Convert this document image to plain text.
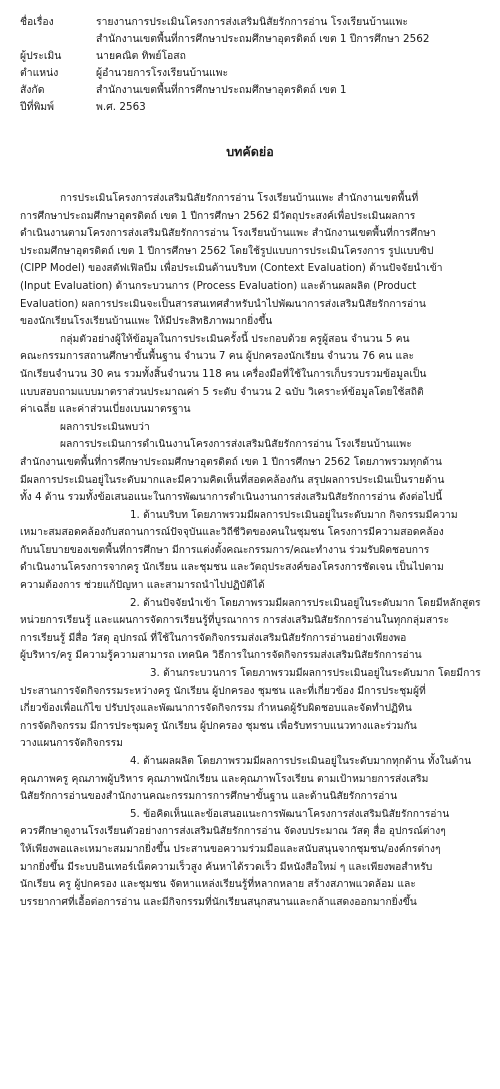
ชื่อเรื่อง	รายงานการประเมินโครงการส่งเสริมนิสัยรักการอ่าน โรงเรียนบ้านแพะ
สำนักงานเขตพื้นที่การศึกษาประถมศึกษาอุตรดิตถ์ เขต 1 ปีการศึกษา 2562

ผู้ประเมิน	นายคณิต ทิพย์โอสถ
ตำแหน่ง	ผู้อำนวยการโรงเรียนบ้านแพะ
สังกัด	สำนักงานเขตพื้นที่การศึกษาประถมศึกษาอุตรดิตถ์ เขต 1
ปีที่พิมพ์	พ.ศ. 2563
บทคัดย่อ

การประเมินโครงการส่งเสริมนิสัยรักการอ่าน โรงเรียนบ้านแพะ สำนักงานเขตพื้นที่

การศึกษาประถมศึกษาอุตรดิตถ์ เขต 1 ปีการศึกษา 2562 มีวัตถุประสงค์เพื่อประเมินผลการ

ดำเนินงานตามโครงการส่งเสริมนิสัยรักการอ่าน โรงเรียนบ้านแพะ สำนักงานเขตพื้นที่การศึกษา

ประถมศึกษาอุตรดิตถ์ เขต 1 ปีการศึกษา 2562 โดยใช้รูปแบบการประเมินโครงการ รูปแบบซิป

(CIPP Model) ของสตัฟเฟิลบีม เพื่อประเมินด้านบริบท (Context Evaluation) ด้านปัจจัยนำเข้า

(Input Evaluation) ด้านกระบวนการ (Process Evaluation) และด้านผลผลิต (Product

Evaluation) ผลการประเมินจะเป็นสารสนเทศสำหรับนำไปพัฒนาการส่งเสริมนิสัยรักการอ่าน

ของนักเรียนโรงเรียนบ้านแพะ ให้มีประสิทธิภาพมากยิ่งขึ้น

กลุ่มตัวอย่างผู้ให้ข้อมูลในการประเมินครั้งนี้ ประกอบด้วย ครูผู้สอน จำนวน 5 คน

คณะกรรมการสถานศึกษาขั้นพื้นฐาน จำนวน 7 คน ผู้ปกครองนักเรียน จำนวน 76 คน และ

นักเรียนจำนวน 30 คน รวมทั้งสิ้นจำนวน 118 คน เครื่องมือที่ใช้ในการเก็บรวบรวมข้อมูลเป็น

แบบสอบถามแบบมาตราส่วนประมาณค่า 5 ระดับ จำนวน 2 ฉบับ วิเคราะห์ข้อมูลโดยใช้สถิติ

ค่าเฉลี่ย และค่าส่วนเบี่ยงเบนมาตรฐาน

ผลการประเมินพบว่า

ผลการประเมินการดำเนินงานโครงการส่งเสริมนิสัยรักการอ่าน โรงเรียนบ้านแพะ

สำนักงานเขตพื้นที่การศึกษาประถมศึกษาอุตรดิตถ์ เขต 1 ปีการศึกษา 2562 โดยภาพรวมทุกด้าน

มีผลการประเมินอยู่ในระดับมากและมีความคิดเห็นที่สอดคล้องกัน สรุปผลการประเมินเป็นรายด้าน

ทั้ง 4 ด้าน รวมทั้งข้อเสนอแนะในการพัฒนาการดำเนินงานการส่งเสริมนิสัยรักการอ่าน ดังต่อไปนี้

1. ด้านบริบท โดยภาพรวมมีผลการประเมินอยู่ในระดับมาก กิจกรรมมีความ

เหมาะสมสอดคล้องกับสถานการณ์ปัจจุบันและวิถีชีวิตของคนในชุมชน โครงการมีความสอดคล้อง

กับนโยบายของเขตพื้นที่การศึกษา มีการแต่งตั้งคณะกรรมการ/คณะทำงาน ร่วมรับผิดชอบการ

ดำเนินงานโครงการจากครู นักเรียน และชุมชน และวัตถุประสงค์ของโครงการชัดเจน เป็นไปตาม

ความต้องการ ช่วยแก้ปัญหา และสามารถนำไปปฏิบัติได้

2. ด้านปัจจัยนำเข้า โดยภาพรวมมีผลการประเมินอยู่ในระดับมาก โดยมีหลักสูตร

หน่วยการเรียนรู้ และแผนการจัดการเรียนรู้ที่บูรณาการ การส่งเสริมนิสัยรักการอ่านในทุกกลุ่มสาระ

การเรียนรู้ มีสื่อ วัสดุ อุปกรณ์ ที่ใช้ในการจัดกิจกรรมส่งเสริมนิสัยรักการอ่านอย่างเพียงพอ

ผู้บริหาร/ครู มีความรู้ความสามารถ เทคนิค วิธีการในการจัดกิจกรรมส่งเสริมนิสัยรักการอ่าน

3. ด้านกระบวนการ โดยภาพรวมมีผลการประเมินอยู่ในระดับมาก โดยมีการ

ประสานการจัดกิจกรรมระหว่างครู นักเรียน ผู้ปกครอง ชุมชน และที่เกี่ยวข้อง มีการประชุมผู้ที่

เกี่ยวข้องเพื่อแก้ไข ปรับปรุงและพัฒนาการจัดกิจกรรม กำหนดผู้รับผิดชอบและจัดทำปฏิทิน

การจัดกิจกรรม มีการประชุมครู นักเรียน ผู้ปกครอง ชุมชน เพื่อรับทราบแนวทางและร่วมกัน

วางแผนการจัดกิจกรรม

4. ด้านผลผลิต โดยภาพรวมมีผลการประเมินอยู่ในระดับมากทุกด้าน ทั้งในด้าน

คุณภาพครู คุณภาพผู้บริหาร คุณภาพนักเรียน และคุณภาพโรงเรียน ตามเป้าหมายการส่งเสริม

นิสัยรักการอ่านของสำนักงานคณะกรรมการการศึกษาขั้นฐาน และด้านนิสัยรักการอ่าน

5. ข้อคิดเห็นและข้อเสนอแนะการพัฒนาโครงการส่งเสริมนิสัยรักการอ่าน

ควรศึกษาดูงานโรงเรียนตัวอย่างการส่งเสริมนิสัยรักการอ่าน จัดงบประมาณ วัสดุ สื่อ อุปกรณ์ต่างๆ

ให้เพียงพอและเหมาะสมมากยิ่งขึ้น ประสานขอความร่วมมือและสนับสนุนจากชุมชน/องค์กรต่างๆ

มากยิ่งขึ้น มีระบบอินเทอร์เน็ตความเร็วสูง ค้นหาได้รวดเร็ว มีหนังสือใหม่ ๆ และเพียงพอสำหรับ

นักเรียน ครู ผู้ปกครอง และชุมชน จัดหาแหล่งเรียนรู้ที่หลากหลาย สร้างสภาพแวดล้อม และ

บรรยากาศที่เอื้อต่อการอ่าน และมีกิจกรรมที่นักเรียนสนุกสนานและกล้าแสดงออกมากยิ่งขึ้น
